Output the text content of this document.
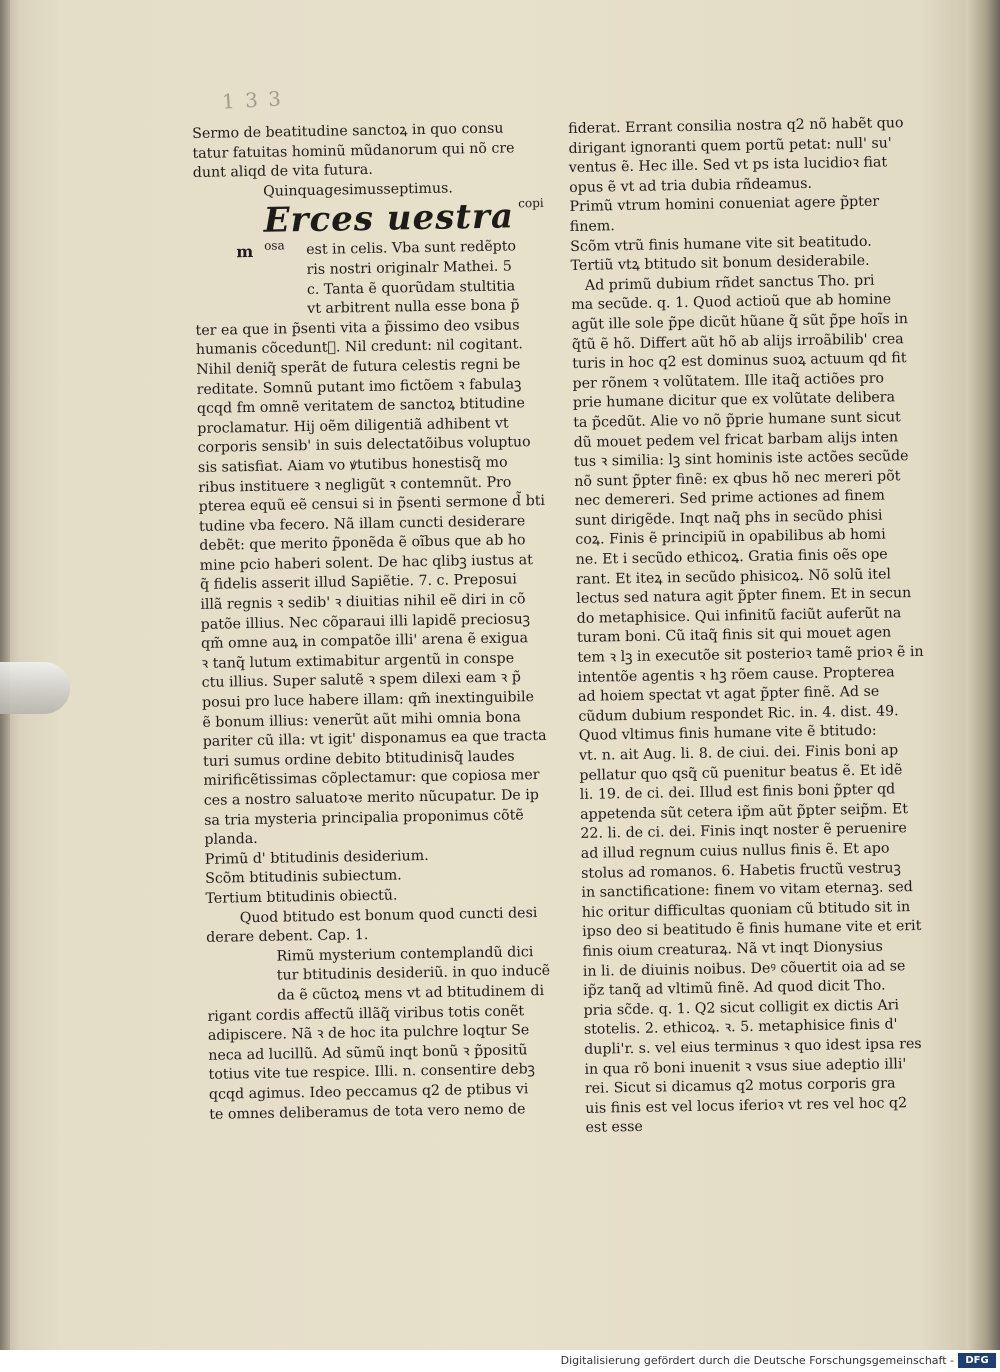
1 3 3

Sermo de beatitudine sanctoꝝ in quo consu

tatur fatuitas hominũ mũdanorum qui nõ cre

dunt aliqd de vita futura.

Quinquagesimusseptimus.

Erces uestra $^{copi osa}$
m	est in celis. Vba sunt redẽpto

ris nostri originalr Mathei. 5

c. Tanta ẽ quorũdam stultitia

vt arbitrent nulla esse bona p̃

ter ea que in p̃senti vita a p̃issimo deo vsibus

humanis cõceduntᷣ. Nil credunt: nil cogitant.

Nihil deniq̃ sperãt de futura celestis regni be

reditate. Somnũ putant imo fictõem ꝛ fabulaꝫ

qcqd fm omnẽ veritatem de sanctoꝝ btitudine

proclamatur. Hij oẽm diligentiã adhibent vt

corporis sensib' in suis delectatõibus voluptuo

sis satisfiat. Aiam vo ꝟtutibus honestisq̃ mo

ribus instituere ꝛ negligũt ꝛ contemnũt. Pro

pterea equũ eẽ censui si in p̃senti sermone d̃ bti

tudine vba fecero. Nã illam cuncti desiderare

debẽt: que merito p̃ponẽda ẽ oĩbus que ab ho

mine pcio haberi solent. De hac qlibꝫ iustus at

q̃ fidelis asserit illud Sapiẽtie. 7. c. Preposui

illã regnis ꝛ sedib' ꝛ diuitias nihil eẽ diri in cõ

patõe illius. Nec cõparaui illi lapidẽ preciosuꝫ

qm̃ omne auꝝ in compatõe illi' arena ẽ exigua

ꝛ tanq̃ lutum extimabitur argentũ in conspe

ctu illius. Super salutẽ ꝛ spem dilexi eam ꝛ p̃

posui pro luce habere illam: qm̃ inextinguibile

ẽ bonum illius: venerũt aũt mihi omnia bona

pariter cũ illa: vt igit' disponamus ea que tracta

turi sumus ordine debito btitudinisq̃ laudes

mirificẽtissimas cõplectamur: que copiosa mer

ces a nostro saluatoꝛe merito nũcupatur. De ip

sa tria mysteria principalia proponimus cõtẽ

planda.

Primũ d' btitudinis desiderium.

Scõm btitudinis subiectum.

Tertium btitudinis obiectũ.

Quod btitudo est bonum quod cuncti desi

derare debent. Cap. 1.

Rimũ mysterium contemplandũ dici

tur btitudinis desideriũ. in quo inducẽ

da ẽ cũctoꝝ mens vt ad btitudinem di

rigant cordis affectũ illãq̃ viribus totis conẽt

adipiscere. Nã ꝛ de hoc ita pulchre loqtur Se

neca ad lucillũ. Ad sũmũ inqt bonũ ꝛ p̃positũ

totius vite tue respice. Illi. n. consentire debꝫ

qcqd agimus. Ideo peccamus q2 de ptibus vi

te omnes deliberamus de tota vero nemo de

fiderat. Errant consilia nostra q2 nõ habẽt quo

dirigant ignoranti quem portũ petat: null' su'

ventus ẽ. Hec ille. Sed vt ps ista lucidioꝛ fiat

opus ẽ vt ad tria dubia rñdeamus.

Primũ vtrum homini conueniat agere p̃pter

finem.

Scõm vtrũ finis humane vite sit beatitudo.

Tertiũ vtꝝ btitudo sit bonum desiderabile.

Ad primũ dubium rñdet sanctus Tho. pri

ma secũde. q. 1. Quod actioũ que ab homine

agũt ille sole p̃pe dicũt hũane q̃ sũt p̃pe hoĩs in

q̃tũ ẽ hõ. Differt aũt hõ ab alijs irroãbilib' crea

turis in hoc q2 est dominus suoꝝ actuum qd fit

per rõnem ꝛ volũtatem. Ille itaq̃ actiões pro

prie humane dicitur que ex volũtate delibera

ta p̃cedũt. Alie vo nõ p̃prie humane sunt sicut

dũ mouet pedem vel fricat barbam alijs inten

tus ꝛ similia: lꝫ sint hominis iste actões secũde

nõ sunt p̃pter finẽ: ex qbus hõ nec mereri põt

nec demereri. Sed prime actiones ad finem

sunt dirigẽde. Inqt naq̃ phs in secũdo phisi

coꝝ. Finis ẽ principiũ in opabilibus ab homi

ne. Et i secũdo ethicoꝝ. Gratia finis oẽs ope

rant. Et iteꝝ in secũdo phisicoꝝ. Nõ solũ itel

lectus sed natura agit p̃pter finem. Et in secun

do metaphisice. Qui infinitũ faciũt auferũt na

turam boni. Cũ itaq̃ finis sit qui mouet agen

tem ꝛ lꝫ in executõe sit posterioꝛ tamẽ prioꝛ ẽ in

intentõe agentis ꝛ hꝫ rõem cause. Propterea

ad hoiem spectat vt agat p̃pter finẽ. Ad se

cũdum dubium respondet Ric. in. 4. dist. 49.

Quod vltimus finis humane vite ẽ btitudo:

vt. n. ait Aug. li. 8. de ciui. dei. Finis boni ap

pellatur quo qsq̃ cũ puenitur beatus ẽ. Et idẽ

li. 19. de ci. dei. Illud est finis boni p̃pter qd

appetenda sũt cetera ip̃m aũt p̃pter seip̃m. Et

22. li. de ci. dei. Finis inqt noster ẽ peruenire

ad illud regnum cuius nullus finis ẽ. Et apo

stolus ad romanos. 6. Habetis fructũ vestruꝫ

in sanctificatione: finem vo vitam eternaꝫ. sed

hic oritur difficultas quoniam cũ btitudo sit in

ipso deo si beatitudo ẽ finis humane vite et erit

finis oium creaturaꝝ. Nã vt inqt Dionysius

in li. de diuinis noibus. Deꝰ cõuertit oia ad se

ip̃z tanq̃ ad vltimũ finẽ. Ad quod dicit Tho.

pria sc̃de. q. 1. Q2 sicut colligit ex dictis Ari

stotelis. 2. ethicoꝝ. ꝛ. 5. metaphisice finis d'

dupli'r. s. vel eius terminus ꝛ quo idest ipsa res

in qua rõ boni inuenit ꝛ vsus siue adeptio illi'

rei. Sicut si dicamus q2 motus corporis gra

uis finis est vel locus iferioꝛ vt res vel hoc q2

est esse

Digitalisierung gefördert durch die Deutsche Forschungsgemeinschaft -	DFG
